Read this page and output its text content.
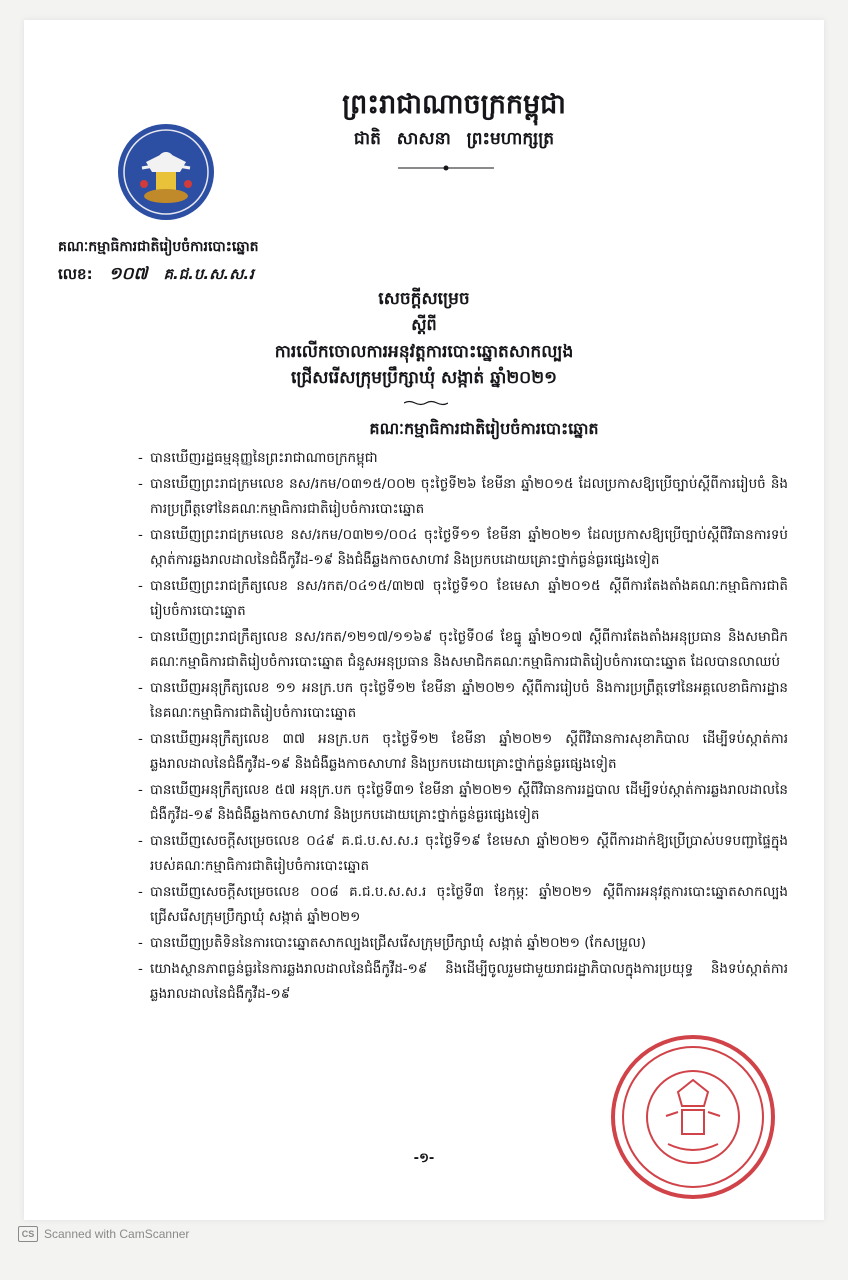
ព្រះរាជាណាចក្រកម្ពុជា
ជាតិ សាសនា ព្រះមហាក្សត្រ
គណៈកម្មាធិការជាតិរៀបចំការបោះឆ្នោត
លេខ: ១០៧ គ.ជ.ប.ស.ស.រ
សេចក្ដីសម្រេច
ស្ដីពី
ការលើកចោលការអនុវត្តការបោះឆ្នោតសាកល្បង
ជ្រើសរើសក្រុមប្រឹក្សាឃុំ សង្កាត់ ឆ្នាំ២០២១
គណៈកម្មាធិការជាតិរៀបចំការបោះឆ្នោត
- បានឃើញរដ្ឋធម្មនុញ្ញនៃព្រះរាជាណាចក្រកម្ពុជា
- បានឃើញព្រះរាជក្រមលេខ នស/រកម/០៣១៥/០០២ ចុះថ្ងៃទី២៦ ខែមីនា ឆ្នាំ២០១៥ ដែលប្រកាសឱ្យប្រើច្បាប់ស្ដីពីការរៀបចំ និងការប្រព្រឹត្តទៅនៃគណៈកម្មាធិការជាតិរៀបចំការបោះឆ្នោត
- បានឃើញព្រះរាជក្រមលេខ នស/រកម/០៣២១/០០៤ ចុះថ្ងៃទី១១ ខែមីនា ឆ្នាំ២០២១ ដែលប្រកាសឱ្យប្រើច្បាប់ស្ដីពីវិធានការទប់ស្កាត់ការឆ្លងរាលដាលនៃជំងឺកូវីដ-១៩ និងជំងឺឆ្លងកាចសាហាវ និងប្រកបដោយគ្រោះថ្នាក់ធ្ងន់ធ្ងរផ្សេងទៀត
- បានឃើញព្រះរាជក្រឹត្យលេខ នស/រកត/០៤១៥/៣២៧ ចុះថ្ងៃទី១០ ខែមេសា ឆ្នាំ២០១៥ ស្ដីពីការតែងតាំងគណៈកម្មាធិការជាតិរៀបចំការបោះឆ្នោត
- បានឃើញព្រះរាជក្រឹត្យលេខ នស/រកត/១២១៧/១១៦៩ ចុះថ្ងៃទី០៨ ខែធ្នូ ឆ្នាំ២០១៧ ស្ដីពីការតែងតាំងអនុប្រធាន និងសមាជិកគណៈកម្មាធិការជាតិរៀបចំការបោះឆ្នោត ជំនួសអនុប្រធាន និងសមាជិកគណៈកម្មាធិការជាតិរៀបចំការបោះឆ្នោត ដែលបានលាឈប់
- បានឃើញអនុក្រឹត្យលេខ ១១ អនក្រ.បក ចុះថ្ងៃទី១២ ខែមីនា ឆ្នាំ២០២១ ស្ដីពីការរៀបចំ និងការប្រព្រឹត្តទៅនៃអគ្គលេខាធិការដ្ឋាននៃគណៈកម្មាធិការជាតិរៀបចំការបោះឆ្នោត
- បានឃើញអនុក្រឹត្យលេខ ៣៧ អនក្រ.បក ចុះថ្ងៃទី១២ ខែមីនា ឆ្នាំ២០២១ ស្ដីពីវិធានការសុខាភិបាល ដើម្បីទប់ស្កាត់ការឆ្លងរាលដាលនៃជំងឺកូវីដ-១៩ និងជំងឺឆ្លងកាចសាហាវ និងប្រកបដោយគ្រោះថ្នាក់ធ្ងន់ធ្ងរផ្សេងទៀត
- បានឃើញអនុក្រឹត្យលេខ ៥៧ អនុក្រ.បក ចុះថ្ងៃទី៣១ ខែមីនា ឆ្នាំ២០២១ ស្ដីពីវិធានការរដ្ឋបាល ដើម្បីទប់ស្កាត់ការឆ្លងរាលដាលនៃជំងឺកូវីដ-១៩ និងជំងឺឆ្លងកាចសាហាវ និងប្រកបដោយគ្រោះថ្នាក់ធ្ងន់ធ្ងរផ្សេងទៀត
- បានឃើញសេចក្ដីសម្រេចលេខ ០៤៩ គ.ជ.ប.ស.ស.រ ចុះថ្ងៃទី១៩ ខែមេសា ឆ្នាំ២០២១ ស្ដីពីការដាក់ឱ្យប្រើប្រាស់បទបញ្ជាផ្ទៃក្នុងរបស់គណៈកម្មាធិការជាតិរៀបចំការបោះឆ្នោត
- បានឃើញសេចក្ដីសម្រេចលេខ ០០៨ គ.ជ.ប.ស.ស.រ ចុះថ្ងៃទី៣ ខែកុម្ភៈ ឆ្នាំ២០២១ ស្ដីពីការអនុវត្តការបោះឆ្នោតសាកល្បងជ្រើសរើសក្រុមប្រឹក្សាឃុំ សង្កាត់ ឆ្នាំ២០២១
- បានឃើញប្រតិទិននៃការបោះឆ្នោតសាកល្បងជ្រើសរើសក្រុមប្រឹក្សាឃុំ សង្កាត់ ឆ្នាំ២០២១ (កែសម្រួល)
- យោងស្ថានភាពធ្ងន់ធ្ងរនៃការឆ្លងរាលដាលនៃជំងឺកូវីដ-១៩ និងដើម្បីចូលរួមជាមួយរាជរដ្ឋាភិបាលក្នុងការប្រយុទ្ធ និងទប់ស្កាត់ការឆ្លងរាលដាលនៃជំងឺកូវីដ-១៩
-១-
CS Scanned with CamScanner
